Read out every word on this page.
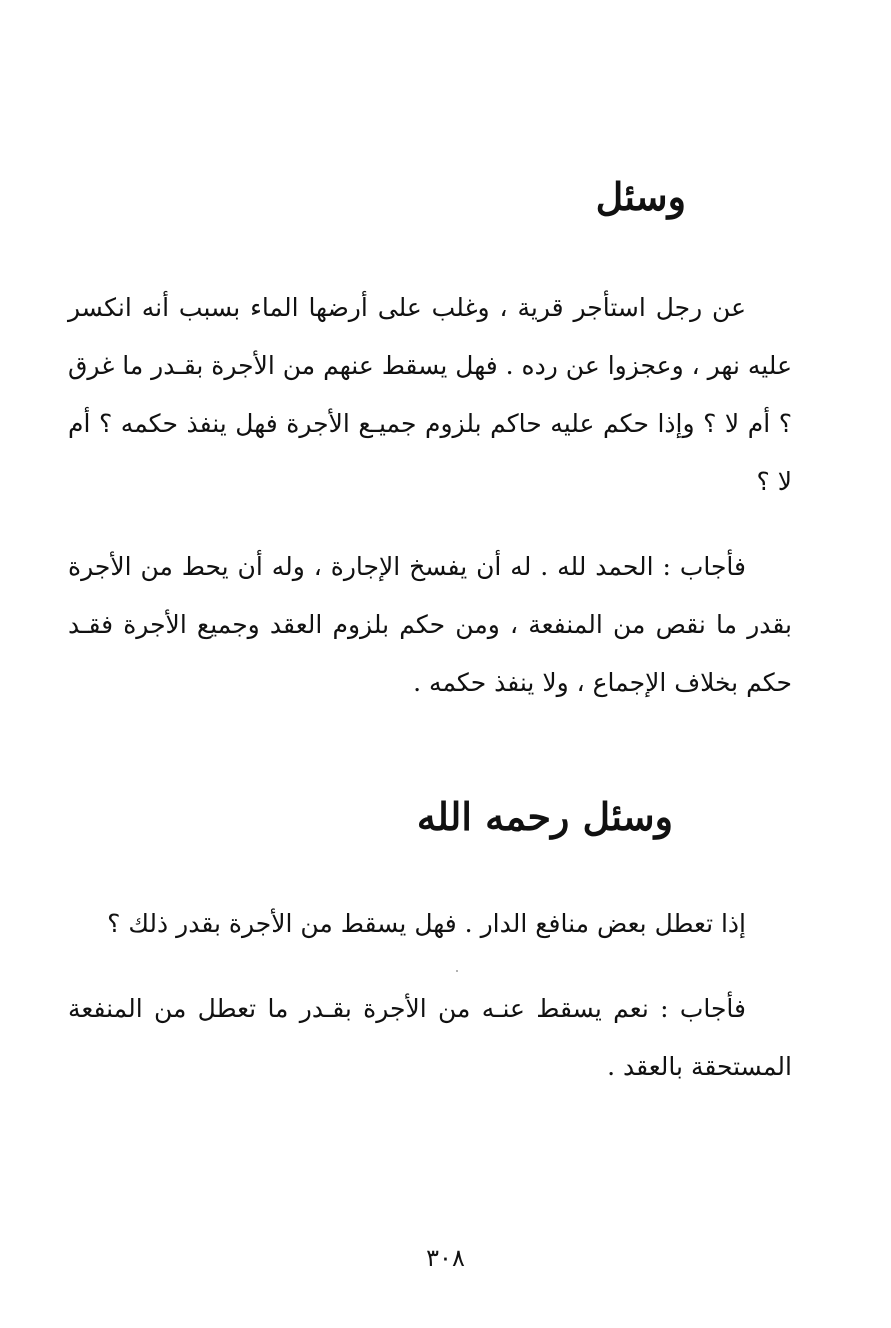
وسئل

عن رجل استأجر قرية ، وغلب على أرضها الماء بسبب أنه انكسر عليه نهر ، وعجزوا عن رده . فهل يسقط عنهم من الأجرة بقـدر ما غرق ؟ أم لا ؟ وإذا حكم عليه حاكم بلزوم جميـع الأجرة فهل ينفذ حكمه ؟ أم لا ؟

فأجاب : الحمد لله . له أن يفسخ الإجارة ، وله أن يحط من الأجرة بقدر ما نقص من المنفعة ، ومن حكم بلزوم العقد وجميع الأجرة فقـد حكم بخلاف الإجماع ، ولا ينفذ حكمه .

وسئل رحمه الله

إذا تعطل بعض منافع الدار . فهل يسقط من الأجرة بقدر ذلك ؟

فأجاب : نعم يسقط عنـه من الأجرة بقـدر ما تعطل من المنفعة المستحقة بالعقد .

٣٠٨
